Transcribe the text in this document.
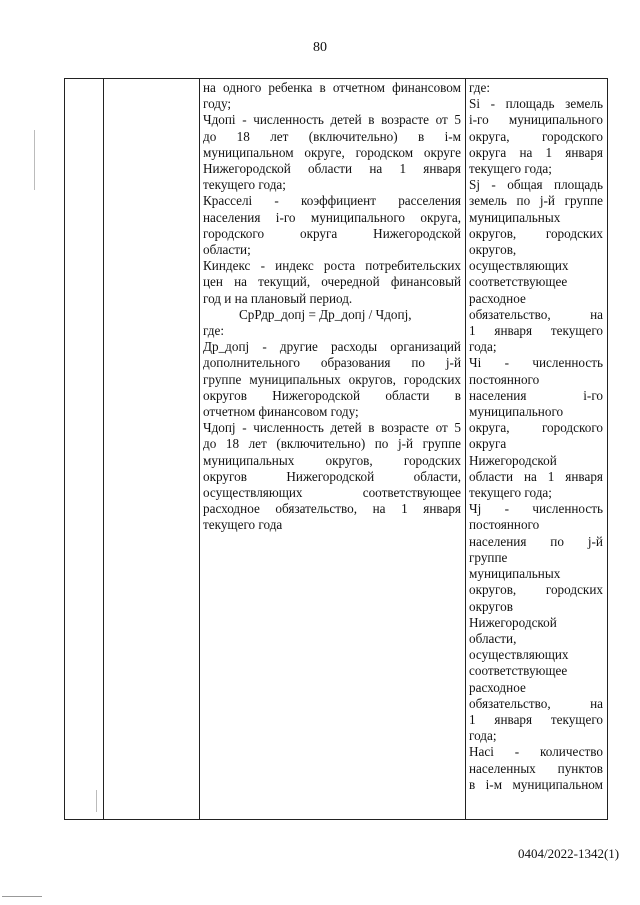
80
на одного ребенка в отчетном финансовом
году;
Чдопi - численность детей в возрасте от 5
до 18 лет (включительно) в i-м
муниципальном округе, городском округе
Нижегородской области на 1 января
текущего года;
Красселi - коэффициент расселения
населения i-го муниципального округа,
городского округа Нижегородской
области;
Киндекс - индекс роста потребительских
цен на текущий, очередной финансовый
год и на плановый период.
СрРдр_допj = Др_допj / Чдопj,
где:
Др_допj - другие расходы организаций
дополнительного образования по j-й
группе муниципальных округов, городских
округов Нижегородской области в
отчетном финансовом году;
Чдопj - численность детей в возрасте от 5
до 18 лет (включительно) по j-й группе
муниципальных округов, городских
округов Нижегородской области,
осуществляющих соответствующее
расходное обязательство, на 1 января
текущего года
где:
Si - площадь земель
i-го муниципального
округа, городского
округа на 1 января
текущего года;
Sj - общая площадь
земель по j-й группе
муниципальных
округов, городских
округов,
осуществляющих
соответствующее
расходное
обязательство, на
1 января текущего
года;
Чi - численность
постоянного
населения i-го
муниципального
округа, городского
округа
Нижегородской
области на 1 января
текущего года;
Чj - численность
постоянного
населения по j-й
группе
муниципальных
округов, городских
округов
Нижегородской
области,
осуществляющих
соответствующее
расходное
обязательство, на
1 января текущего
года;
Насi - количество
населенных пунктов
в i-м муниципальном
0404/2022-1342(1)
